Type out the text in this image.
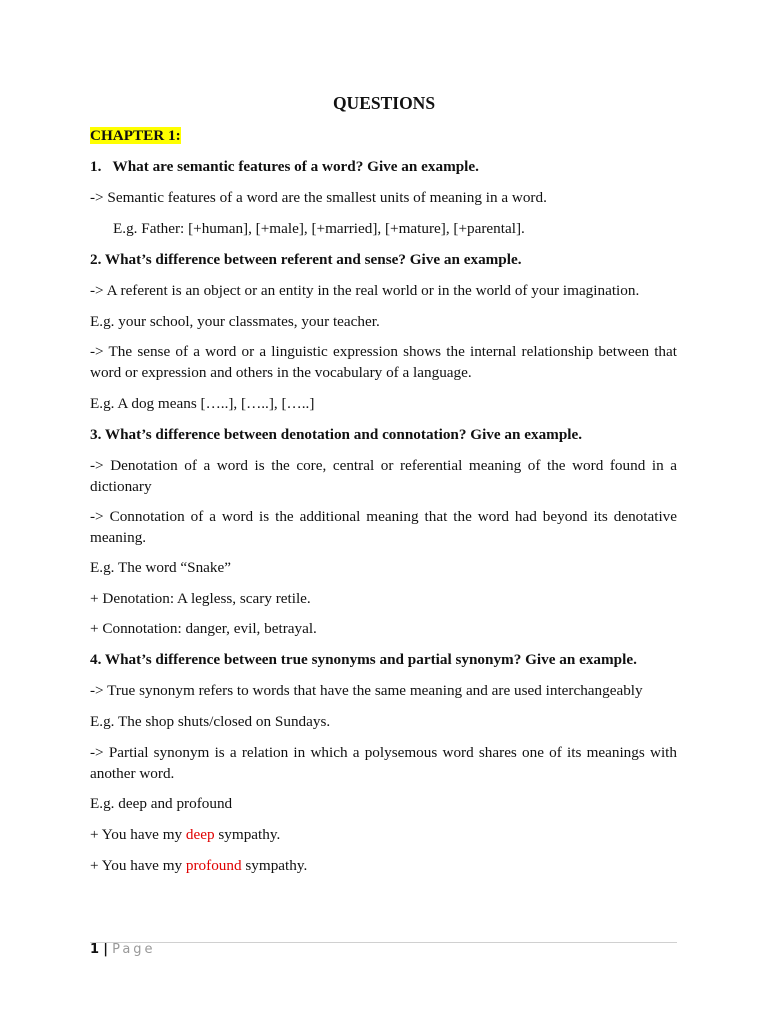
QUESTIONS
CHAPTER 1:
1.   What are semantic features of a word? Give an example.
-> Semantic features of a word are the smallest units of meaning in a word.
E.g. Father: [+human], [+male], [+married], [+mature], [+parental].
2. What’s difference between referent and sense? Give an example.
-> A referent is an object or an entity in the real world or in the world of your imagination.
E.g. your school, your classmates, your teacher.
-> The sense of a word or a linguistic expression shows the internal relationship between that word or expression and others in the vocabulary of a language.
E.g. A dog means […..], […..], […..]
3. What’s difference between denotation and connotation? Give an example.
-> Denotation of a word is the core, central or referential meaning of the word found in a dictionary
-> Connotation of a word is the additional meaning that the word had beyond its denotative meaning.
E.g. The word “Snake”
+ Denotation: A legless, scary retile.
+ Connotation: danger, evil, betrayal.
4. What’s difference between true synonyms and partial synonym? Give an example.
-> True synonym refers to words that have the same meaning and are used interchangeably
E.g. The shop shuts/closed on Sundays.
-> Partial synonym is a relation in which a polysemous word shares one of its meanings with another word.
E.g. deep and profound
+ You have my deep sympathy.
+ You have my profound sympathy.
1 | Page
